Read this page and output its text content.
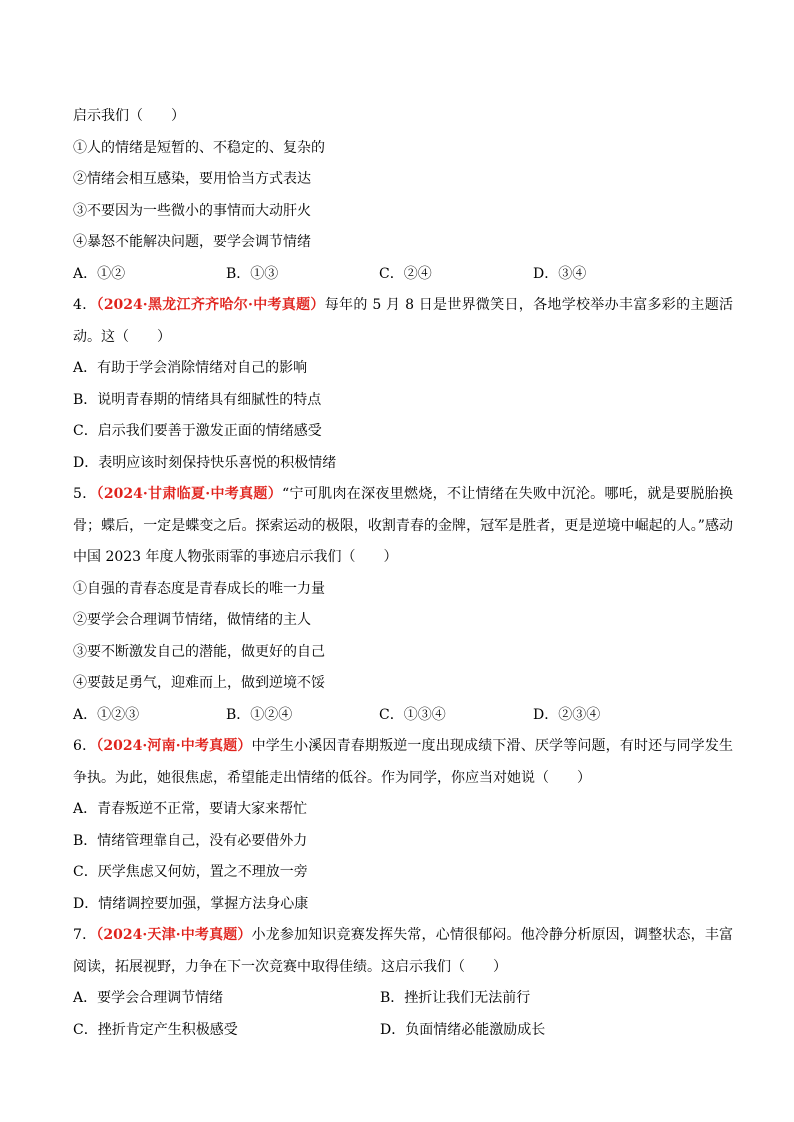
启示我们（　　）
①人的情绪是短暂的、不稳定的、复杂的
②情绪会相互感染，要用恰当方式表达
③不要因为一些微小的事情而大动肝火
④暴怒不能解决问题，要学会调节情绪
A．①②	B．①③	C．②④	D．③④
4．（2024·黑龙江齐齐哈尔·中考真题）每年的 5 月 8 日是世界微笑日，各地学校举办丰富多彩的主题活动。这（　　）
A．有助于学会消除情绪对自己的影响
B．说明青春期的情绪具有细腻性的特点
C．启示我们要善于激发正面的情绪感受
D．表明应该时刻保持快乐喜悦的积极情绪
5．（2024·甘肃临夏·中考真题）“宁可肌肉在深夜里燃烧，不让情绪在失败中沉沦。哪吒，就是要脱胎换骨；蝶后，一定是蝶变之后。探索运动的极限，收割青春的金牌，冠军是胜者，更是逆境中崛起的人。”感动中国 2023 年度人物张雨霏的事迹启示我们（　　）
①自强的青春态度是青春成长的唯一力量
②要学会合理调节情绪，做情绪的主人
③要不断激发自己的潜能，做更好的自己
④要鼓足勇气，迎难而上，做到逆境不馁
A．①②③	B．①②④	C．①③④	D．②③④
6．（2024·河南·中考真题）中学生小溪因青春期叛逆一度出现成绩下滑、厌学等问题，有时还与同学发生争执。为此，她很焦虑，希望能走出情绪的低谷。作为同学，你应当对她说（　　）
A．青春叛逆不正常，要请大家来帮忙
B．情绪管理靠自己，没有必要借外力
C．厌学焦虑又何妨，置之不理放一旁
D．情绪调控要加强，掌握方法身心康
7．（2024·天津·中考真题）小龙参加知识竞赛发挥失常，心情很郁闷。他冷静分析原因，调整状态，丰富阅读，拓展视野，力争在下一次竞赛中取得佳绩。这启示我们（　　）
A．要学会合理调节情绪	B．挫折让我们无法前行
C．挫折肯定产生积极感受	D．负面情绪必能激励成长
